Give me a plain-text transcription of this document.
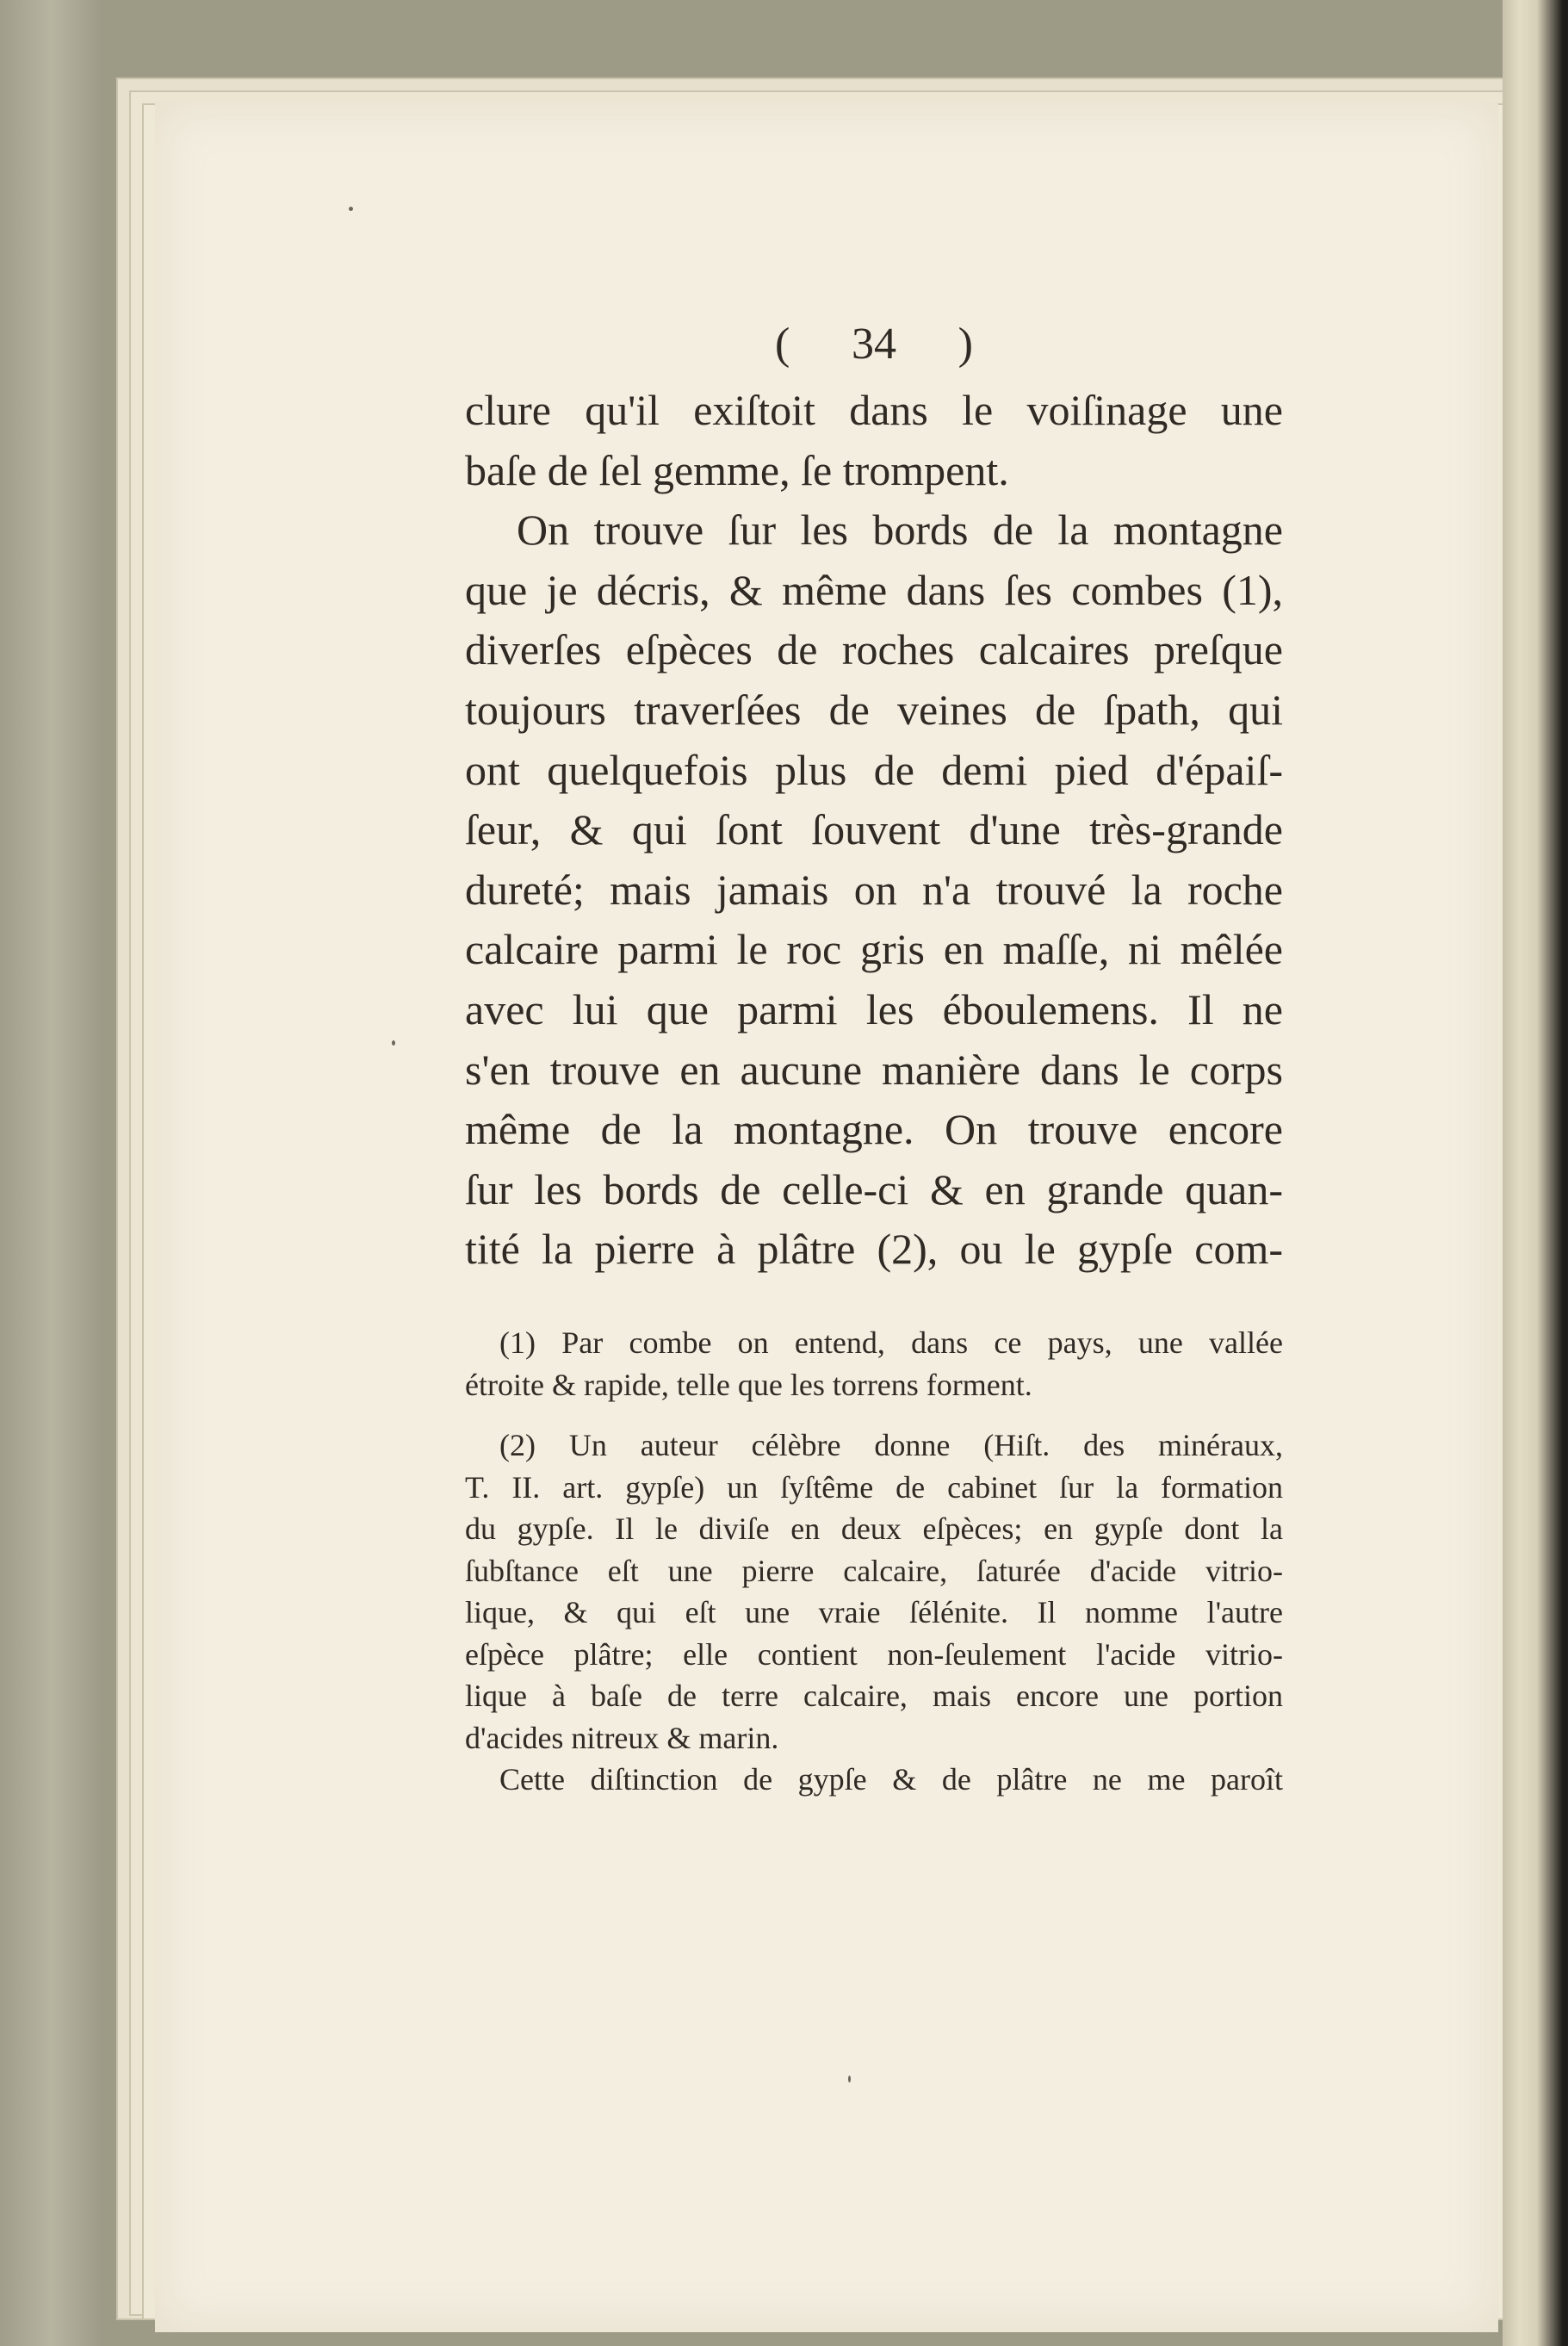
( 34 )
clure qu'il exiſtoit dans le voiſinage une
baſe de ſel gemme, ſe trompent.
On trouve ſur les bords de la montagne
que je décris, & même dans ſes combes (1),
diverſes eſpèces de roches calcaires preſque
toujours traverſées de veines de ſpath, qui
ont quelquefois plus de demi pied d'épaiſ-
ſeur, & qui ſont ſouvent d'une très-grande
dureté; mais jamais on n'a trouvé la roche
calcaire parmi le roc gris en maſſe, ni mêlée
avec lui que parmi les éboulemens. Il ne
s'en trouve en aucune manière dans le corps
même de la montagne. On trouve encore
ſur les bords de celle-ci & en grande quan-
tité la pierre à plâtre (2), ou le gypſe com-
(1) Par combe on entend, dans ce pays, une vallée
étroite & rapide, telle que les torrens forment.
(2) Un auteur célèbre donne (Hiſt. des minéraux,
T. II. art. gypſe) un ſyſtême de cabinet ſur la formation
du gypſe. Il le diviſe en deux eſpèces; en gypſe dont la
ſubſtance eſt une pierre calcaire, ſaturée d'acide vitrio-
lique, & qui eſt une vraie ſélénite. Il nomme l'autre
eſpèce plâtre; elle contient non-ſeulement l'acide vitrio-
lique à baſe de terre calcaire, mais encore une portion
d'acides nitreux & marin.
Cette diſtinction de gypſe & de plâtre ne me paroît
